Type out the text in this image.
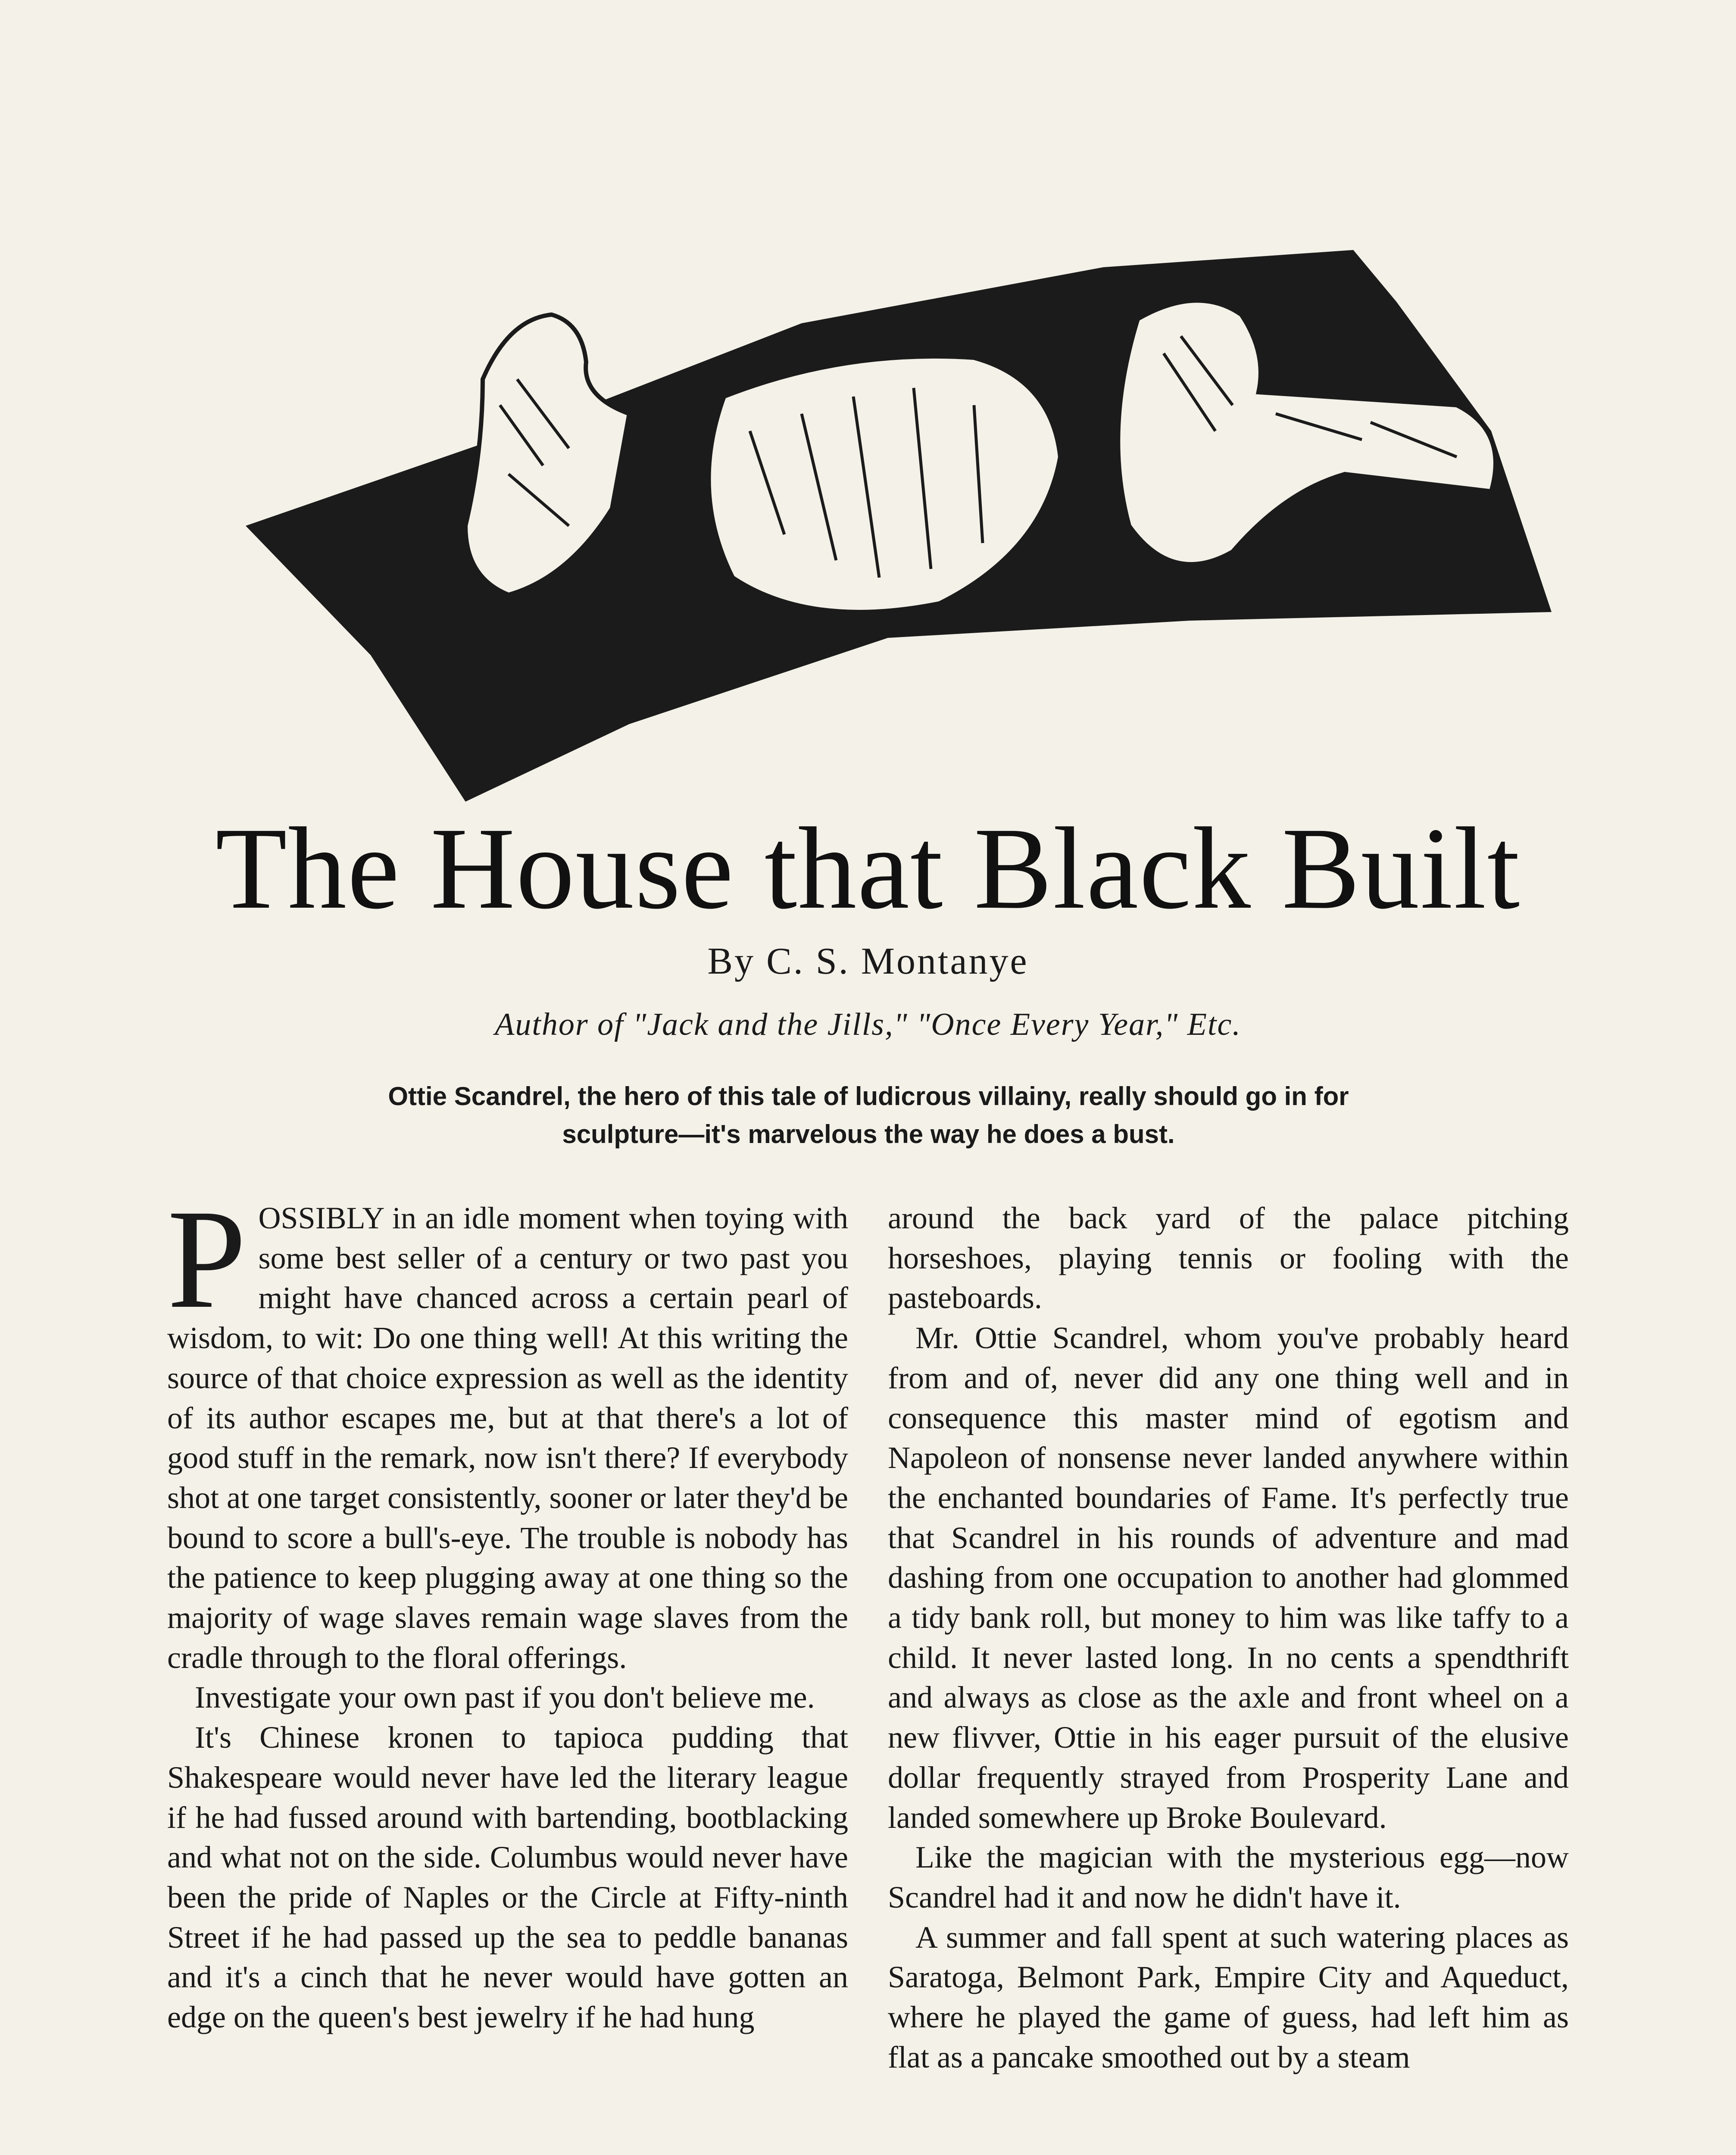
The House that Black Built
By C. S. Montanye
Author of "Jack and the Jills," "Once Every Year," Etc.
Ottie Scandrel, the hero of this tale of ludicrous villainy, really should go in for sculpture—it's marvelous the way he does a bust.

POSSIBLY in an idle moment when toying with some best seller of a century or two past you might have chanced across a certain pearl of wisdom, to wit: Do one thing well! At this writing the source of that choice expression as well as the identity of its author escapes me, but at that there's a lot of good stuff in the remark, now isn't there? If everybody shot at one target consistently, sooner or later they'd be bound to score a bull's-eye. The trouble is nobody has the patience to keep plugging away at one thing so the majority of wage slaves remain wage slaves from the cradle through to the floral offerings.

Investigate your own past if you don't believe me.

It's Chinese kronen to tapioca pudding that Shakespeare would never have led the literary league if he had fussed around with bartending, bootblacking and what not on the side. Columbus would never have been the pride of Naples or the Circle at Fifty-ninth Street if he had passed up the sea to peddle bananas and it's a cinch that he never would have gotten an edge on the queen's best jewelry if he had hung

around the back yard of the palace pitching horseshoes, playing tennis or fooling with the pasteboards.

Mr. Ottie Scandrel, whom you've probably heard from and of, never did any one thing well and in consequence this master mind of egotism and Napoleon of nonsense never landed anywhere within the enchanted boundaries of Fame. It's perfectly true that Scandrel in his rounds of adventure and mad dashing from one occupation to another had glommed a tidy bank roll, but money to him was like taffy to a child. It never lasted long. In no cents a spendthrift and always as close as the axle and front wheel on a new flivver, Ottie in his eager pursuit of the elusive dollar frequently strayed from Prosperity Lane and landed somewhere up Broke Boulevard.

Like the magician with the mysterious egg—now Scandrel had it and now he didn't have it.

A summer and fall spent at such watering places as Saratoga, Belmont Park, Empire City and Aqueduct, where he played the game of guess, had left him as flat as a pancake smoothed out by a steam
